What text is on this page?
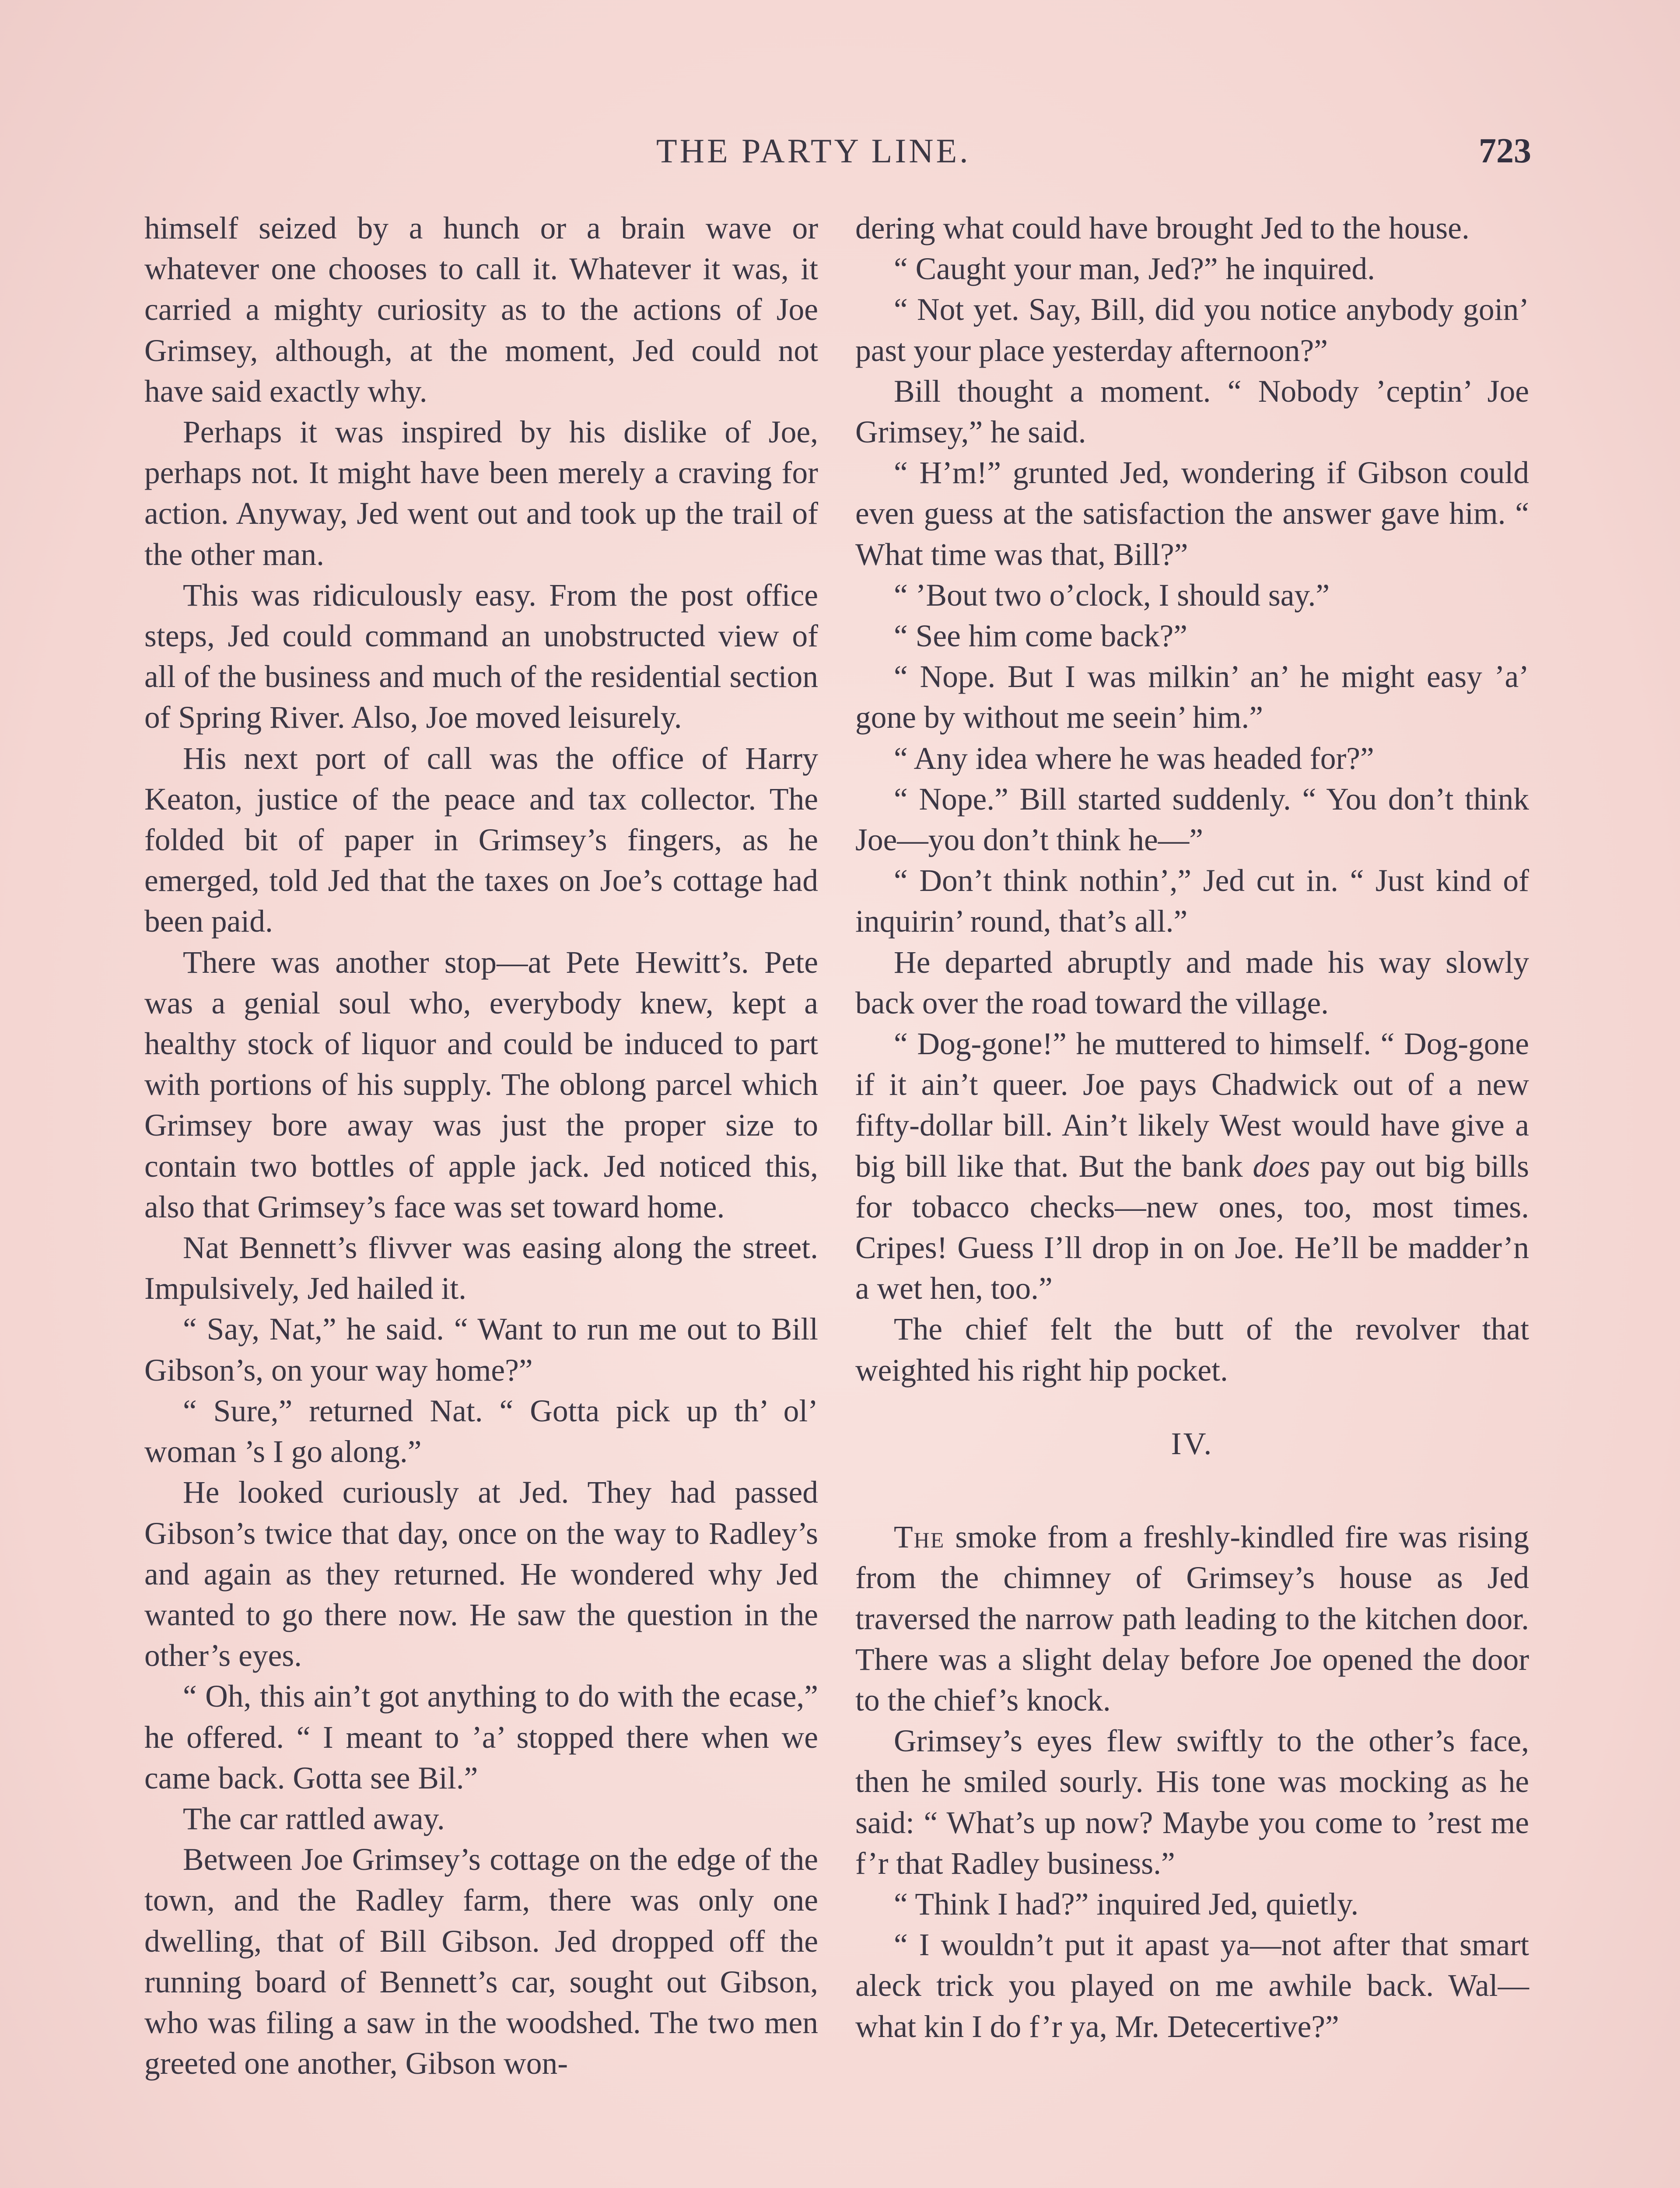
THE PARTY LINE.	723

himself seized by a hunch or a brain wave or whatever one chooses to call it. Whatever it was, it carried a mighty curiosity as to the actions of Joe Grimsey, although, at the moment, Jed could not have said exactly why.

Perhaps it was inspired by his dislike of Joe, perhaps not. It might have been merely a craving for action. Anyway, Jed went out and took up the trail of the other man.

This was ridiculously easy. From the post office steps, Jed could command an unobstructed view of all of the business and much of the residential section of Spring River. Also, Joe moved leisurely.

His next port of call was the office of Harry Keaton, justice of the peace and tax collector. The folded bit of paper in Grimsey’s fingers, as he emerged, told Jed that the taxes on Joe’s cottage had been paid.

There was another stop—at Pete Hewitt’s. Pete was a genial soul who, everybody knew, kept a healthy stock of liquor and could be induced to part with portions of his supply. The oblong parcel which Grimsey bore away was just the proper size to contain two bottles of apple jack. Jed noticed this, also that Grimsey’s face was set toward home.

Nat Bennett’s flivver was easing along the street. Impulsively, Jed hailed it.

“ Say, Nat,” he said. “ Want to run me out to Bill Gibson’s, on your way home?”

“ Sure,” returned Nat. “ Gotta pick up th’ ol’ woman ’s I go along.”

He looked curiously at Jed. They had passed Gibson’s twice that day, once on the way to Radley’s and again as they returned. He wondered why Jed wanted to go there now. He saw the question in the other’s eyes.

“ Oh, this ain’t got anything to do with the ecase,” he offered. “ I meant to ’a’ stopped there when we came back. Gotta see Bil.”

The car rattled away.

Between Joe Grimsey’s cottage on the edge of the town, and the Radley farm, there was only one dwelling, that of Bill Gibson. Jed dropped off the running board of Bennett’s car, sought out Gibson, who was filing a saw in the woodshed. The two men greeted one another, Gibson won-

dering what could have brought Jed to the house.

“ Caught your man, Jed?” he inquired.

“ Not yet. Say, Bill, did you notice anybody goin’ past your place yesterday afternoon?”

Bill thought a moment. “ Nobody ’ceptin’ Joe Grimsey,” he said.

“ H’m!” grunted Jed, wondering if Gibson could even guess at the satisfaction the answer gave him. “ What time was that, Bill?”

“ ’Bout two o’clock, I should say.”

“ See him come back?”

“ Nope. But I was milkin’ an’ he might easy ’a’ gone by without me seein’ him.”

“ Any idea where he was headed for?”

“ Nope.” Bill started suddenly. “ You don’t think Joe—you don’t think he—”

“ Don’t think nothin’,” Jed cut in. “ Just kind of inquirin’ round, that’s all.”

He departed abruptly and made his way slowly back over the road toward the village.

“ Dog-gone!” he muttered to himself. “ Dog-gone if it ain’t queer. Joe pays Chadwick out of a new fifty-dollar bill. Ain’t likely West would have give a big bill like that. But the bank does pay out big bills for tobacco checks—new ones, too, most times. Cripes! Guess I’ll drop in on Joe. He’ll be madder’n a wet hen, too.”

The chief felt the butt of the revolver that weighted his right hip pocket.

IV.

The smoke from a freshly-kindled fire was rising from the chimney of Grimsey’s house as Jed traversed the narrow path leading to the kitchen door. There was a slight delay before Joe opened the door to the chief’s knock.

Grimsey’s eyes flew swiftly to the other’s face, then he smiled sourly. His tone was mocking as he said: “ What’s up now? Maybe you come to ’rest me f’r that Radley business.”

“ Think I had?” inquired Jed, quietly.

“ I wouldn’t put it apast ya—not after that smart aleck trick you played on me awhile back. Wal—what kin I do f’r ya, Mr. Detecertive?”
